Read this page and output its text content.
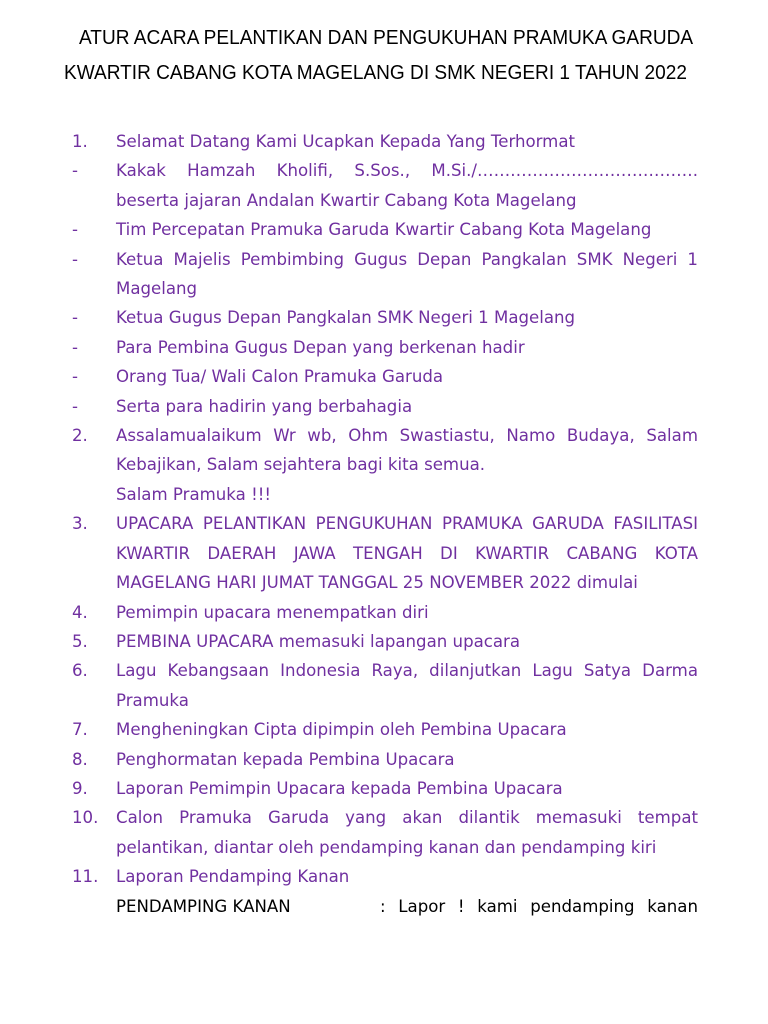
ATUR ACARA PELANTIKAN DAN PENGUKUHAN PRAMUKA GARUDA
KWARTIR CABANG KOTA MAGELANG DI SMK NEGERI 1 TAHUN 2022
1. Selamat Datang Kami Ucapkan Kepada Yang Terhormat
- Kakak Hamzah Kholifi, S.Sos., M.Si./…………………………………. beserta jajaran Andalan Kwartir Cabang Kota Magelang
- Tim Percepatan Pramuka Garuda Kwartir Cabang Kota Magelang
- Ketua Majelis Pembimbing Gugus Depan Pangkalan SMK Negeri 1 Magelang
- Ketua Gugus Depan Pangkalan SMK Negeri 1 Magelang
- Para Pembina Gugus Depan yang berkenan hadir
- Orang Tua/ Wali Calon Pramuka Garuda
- Serta para hadirin yang berbahagia
2. Assalamualaikum Wr wb, Ohm Swastiastu, Namo Budaya, Salam Kebajikan, Salam sejahtera bagi kita semua.
Salam Pramuka !!!
3. UPACARA PELANTIKAN PENGUKUHAN PRAMUKA GARUDA FASILITASI KWARTIR DAERAH JAWA TENGAH DI KWARTIR CABANG KOTA MAGELANG HARI JUMAT TANGGAL 25 NOVEMBER 2022 dimulai
4. Pemimpin upacara menempatkan diri
5. PEMBINA UPACARA memasuki lapangan upacara
6. Lagu Kebangsaan Indonesia Raya, dilanjutkan Lagu Satya Darma Pramuka
7. Mengheningkan Cipta dipimpin oleh Pembina Upacara
8. Penghormatan kepada Pembina Upacara
9. Laporan Pemimpin Upacara kepada Pembina Upacara
10. Calon Pramuka Garuda yang akan dilantik memasuki tempat pelantikan, diantar oleh pendamping kanan dan pendamping kiri
11. Laporan Pendamping Kanan
PENDAMPING KANAN	: Lapor ! kami pendamping kanan
